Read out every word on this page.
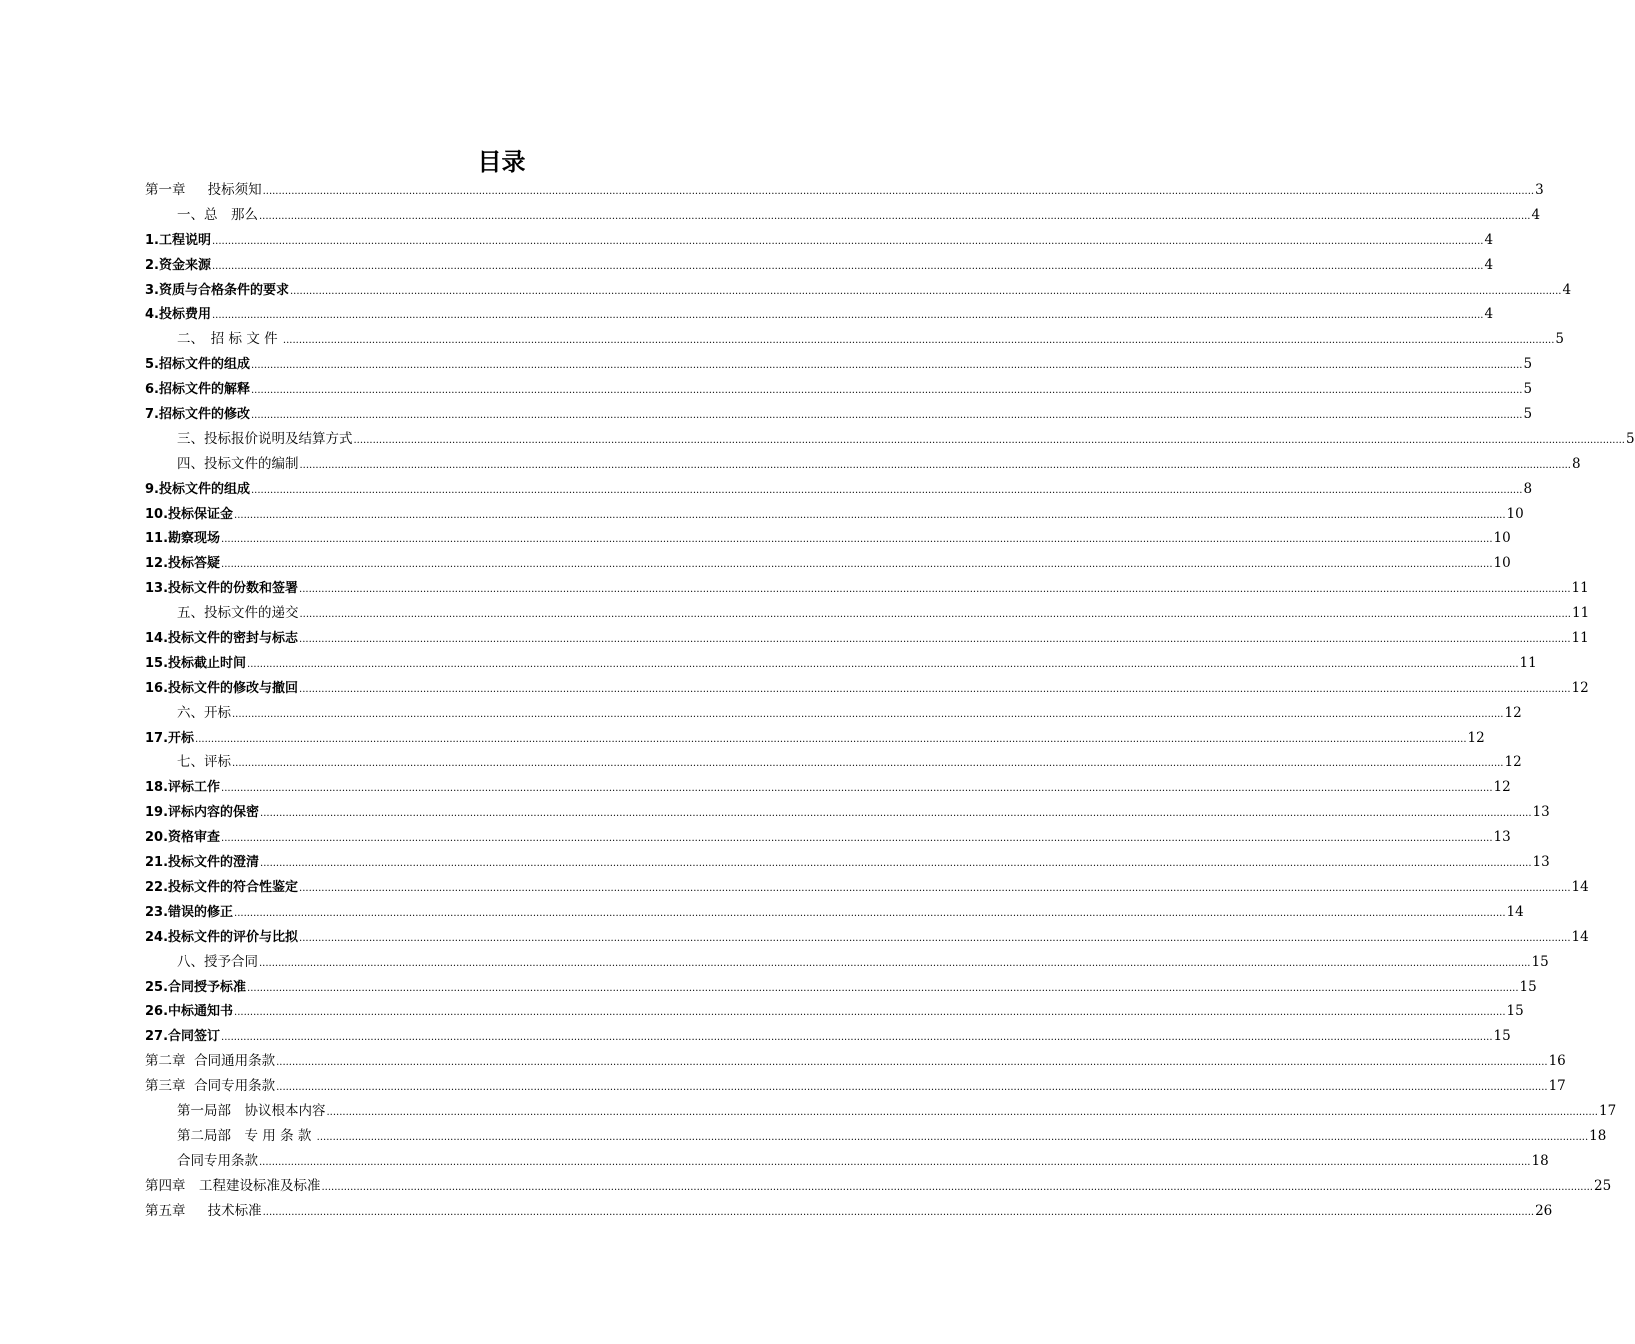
目录
第一章　  投标须知 ................................................................................................................................................................................................................................................................................................................................................................................................................ 3
一、总　那么 ................................................................................................................................................................................................................................................................................................................................................................................................................ 4
1.工程说明 ................................................................................................................................................................................................................................................................................................................................................................................................................ 4
2.资金来源 ................................................................................................................................................................................................................................................................................................................................................................................................................ 4
3.资质与合格条件的要求 ................................................................................................................................................................................................................................................................................................................................................................................................................ 4
4.投标费用 ................................................................................................................................................................................................................................................................................................................................................................................................................ 4
二、　招 标 文 件 ................................................................................................................................................................................................................................................................................................................................................................................................................ 5
5.招标文件的组成 ................................................................................................................................................................................................................................................................................................................................................................................................................ 5
6.招标文件的解释 ................................................................................................................................................................................................................................................................................................................................................................................................................ 5
7.招标文件的修改 ................................................................................................................................................................................................................................................................................................................................................................................................................ 5
三、投标报价说明及结算方式 ................................................................................................................................................................................................................................................................................................................................................................................................................ 5
四、投标文件的编制 ................................................................................................................................................................................................................................................................................................................................................................................................................ 8
9.投标文件的组成 ................................................................................................................................................................................................................................................................................................................................................................................................................ 8
10.投标保证金 ................................................................................................................................................................................................................................................................................................................................................................................................................ 10
11.勘察现场 ................................................................................................................................................................................................................................................................................................................................................................................................................ 10
12.投标答疑 ................................................................................................................................................................................................................................................................................................................................................................................................................ 10
13.投标文件的份数和签署 ................................................................................................................................................................................................................................................................................................................................................................................................................ 11
五、投标文件的递交 ................................................................................................................................................................................................................................................................................................................................................................................................................ 11
14.投标文件的密封与标志 ................................................................................................................................................................................................................................................................................................................................................................................................................ 11
15.投标截止时间 ................................................................................................................................................................................................................................................................................................................................................................................................................ 11
16.投标文件的修改与撤回 ................................................................................................................................................................................................................................................................................................................................................................................................................ 12
六、开标 ................................................................................................................................................................................................................................................................................................................................................................................................................ 12
17.开标 ................................................................................................................................................................................................................................................................................................................................................................................................................ 12
七、评标 ................................................................................................................................................................................................................................................................................................................................................................................................................ 12
18.评标工作 ................................................................................................................................................................................................................................................................................................................................................................................................................ 12
19.评标内容的保密 ................................................................................................................................................................................................................................................................................................................................................................................................................ 13
20.资格审查 ................................................................................................................................................................................................................................................................................................................................................................................................................ 13
21.投标文件的澄清 ................................................................................................................................................................................................................................................................................................................................................................................................................ 13
22.投标文件的符合性鉴定 ................................................................................................................................................................................................................................................................................................................................................................................................................ 14
23.错误的修正 ................................................................................................................................................................................................................................................................................................................................................................................................................ 14
24.投标文件的评价与比拟 ................................................................................................................................................................................................................................................................................................................................................................................................................ 14
八、授予合同 ................................................................................................................................................................................................................................................................................................................................................................................................................ 15
25.合同授予标准 ................................................................................................................................................................................................................................................................................................................................................................................................................ 15
26.中标通知书 ................................................................................................................................................................................................................................................................................................................................................................................................................ 15
27.合同签订 ................................................................................................................................................................................................................................................................................................................................................................................................................ 15
第二章  合同通用条款 ................................................................................................................................................................................................................................................................................................................................................................................................................ 16
第三章  合同专用条款 ................................................................................................................................................................................................................................................................................................................................................................................................................ 17
第一局部　协议根本内容 ................................................................................................................................................................................................................................................................................................................................................................................................................ 17
第二局部　专 用 条 款 ................................................................................................................................................................................................................................................................................................................................................................................................................ 18
合同专用条款 ................................................................................................................................................................................................................................................................................................................................................................................................................ 18
第四章　工程建设标准及标准 ................................................................................................................................................................................................................................................................................................................................................................................................................ 25
第五章　  技术标准 ................................................................................................................................................................................................................................................................................................................................................................................................................ 26
